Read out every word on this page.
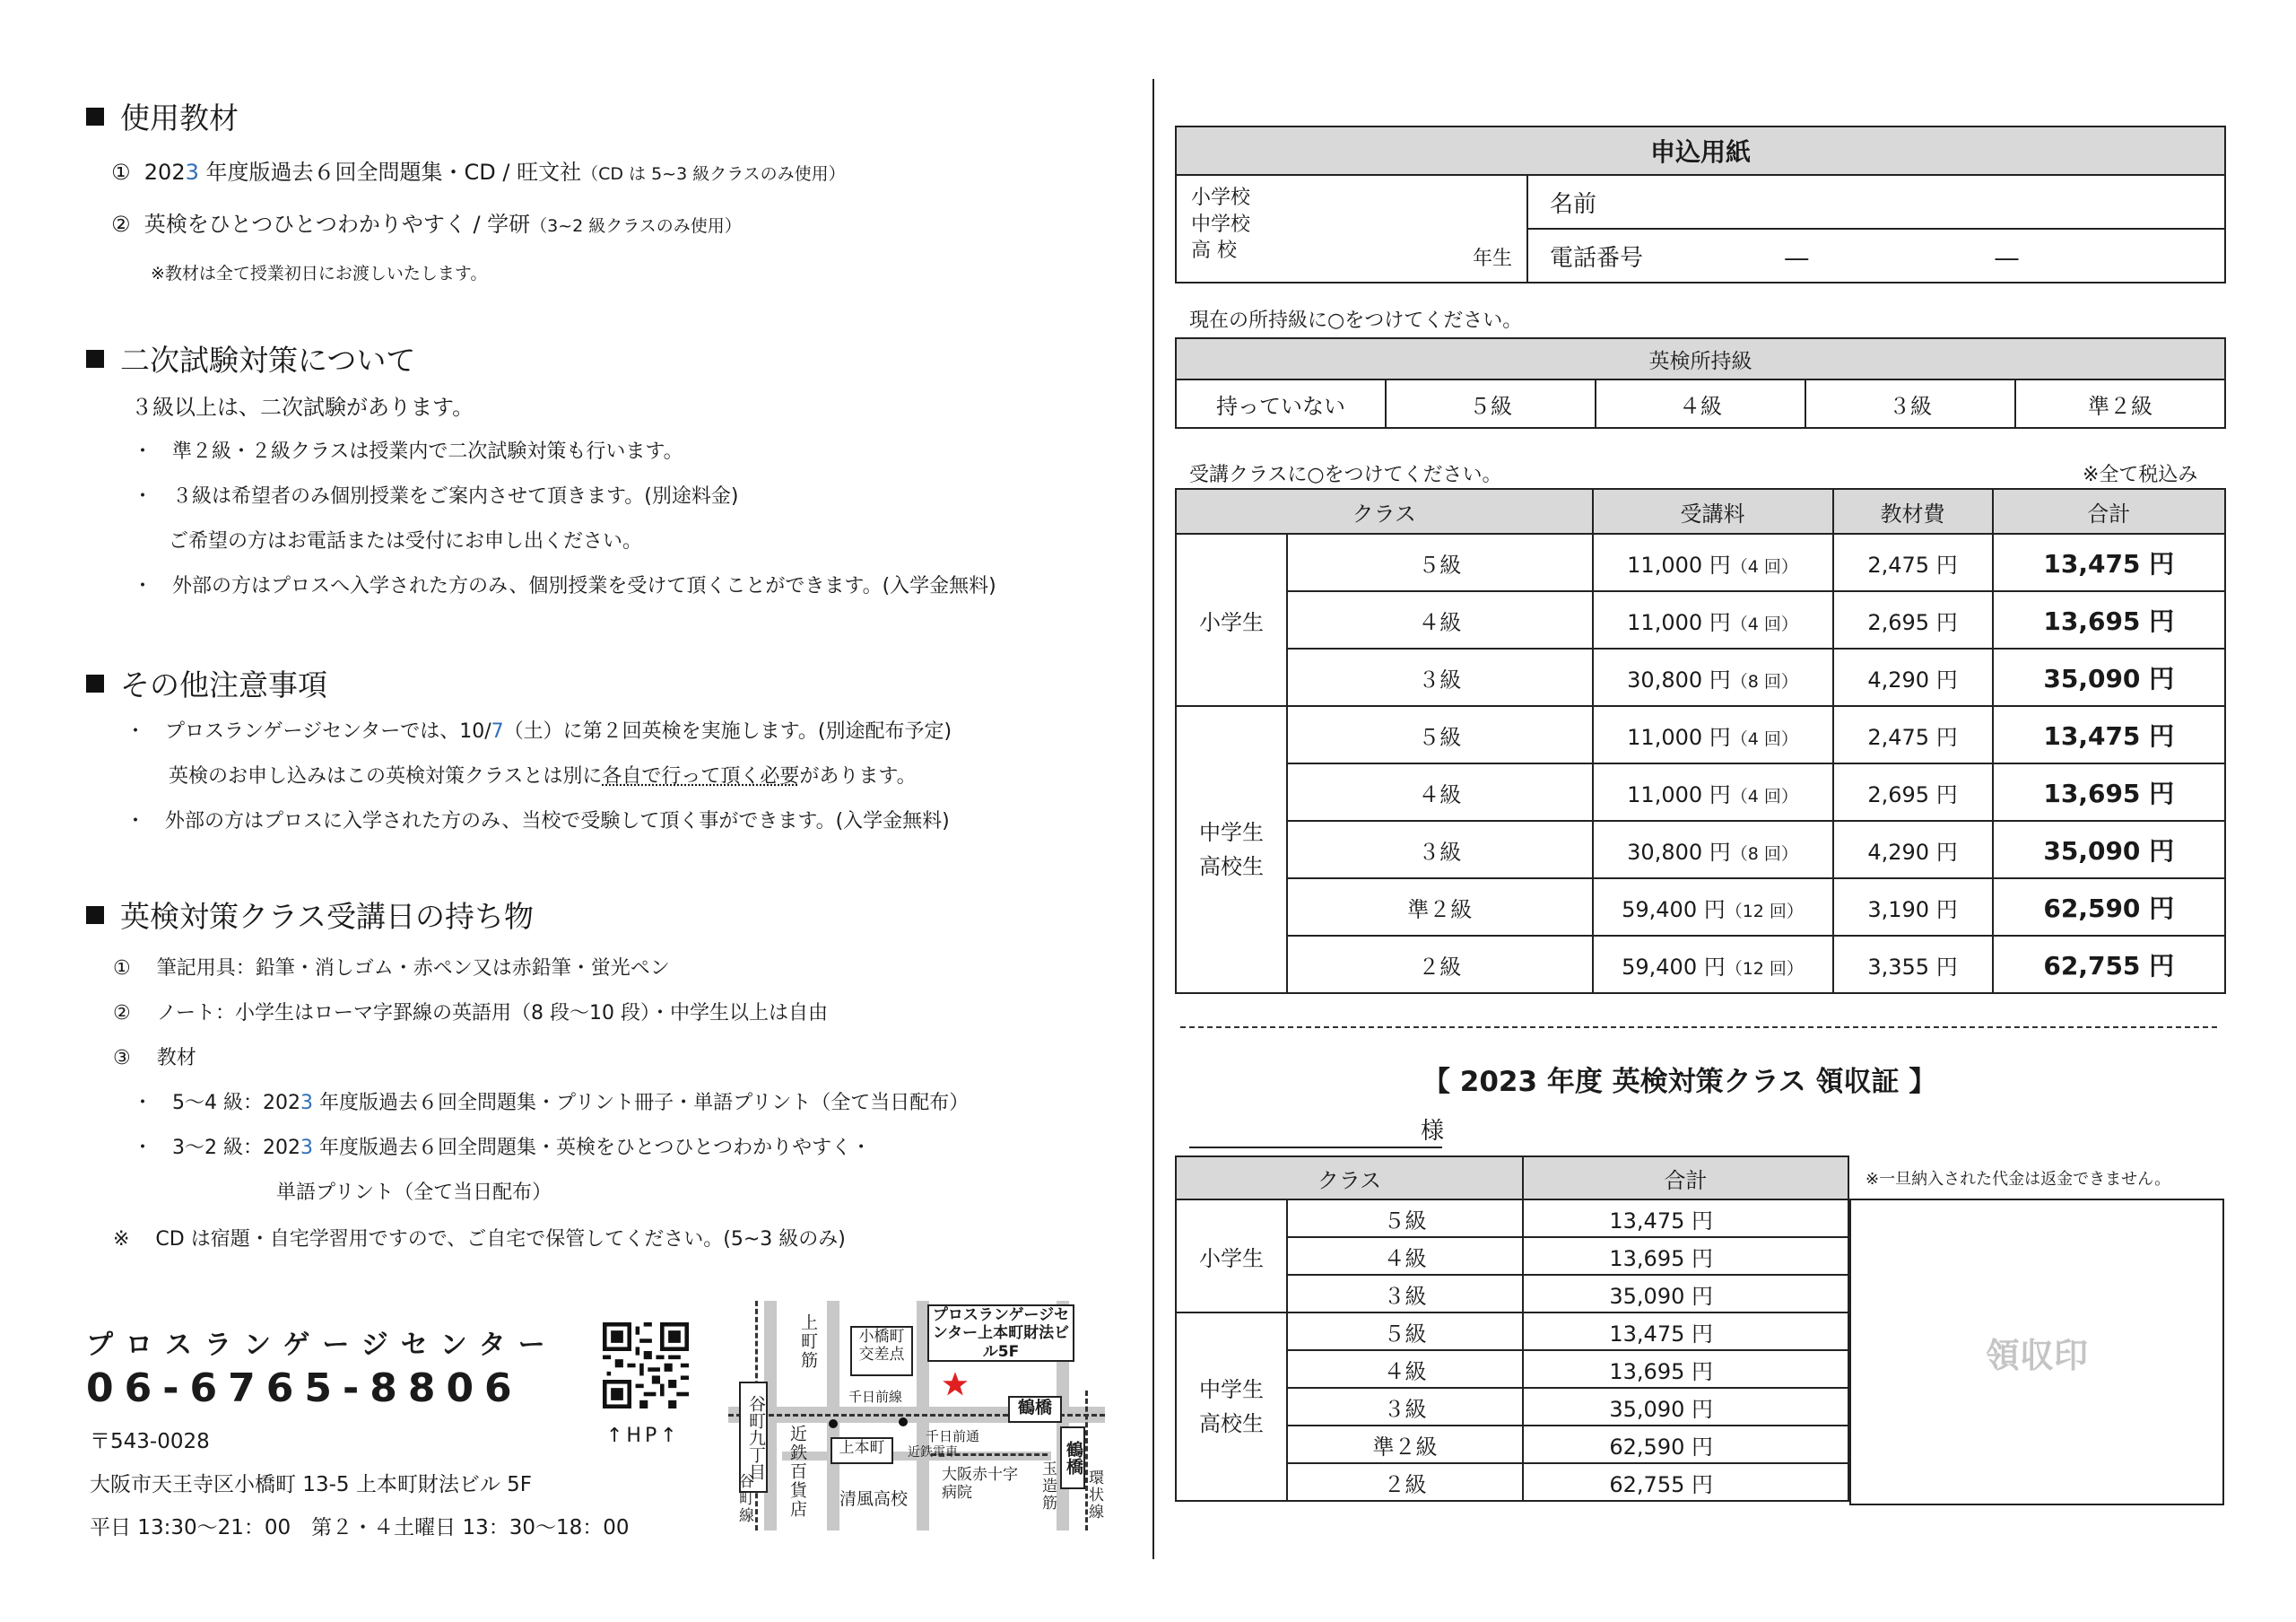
使用教材
① 2023 年度版過去６回全問題集・CD / 旺文社（CD は 5~3 級クラスのみ使用）
② 英検をひとつひとつわかりやすく / 学研（3~2 級クラスのみ使用）
※教材は全て授業初日にお渡しいたします。
二次試験対策について
３級以上は、二次試験があります。
・　準２級・２級クラスは授業内で二次試験対策も行います。
・　３級は希望者のみ個別授業をご案内させて頂きます。(別途料金)
ご希望の方はお電話または受付にお申し出ください。
・　外部の方はプロスへ入学された方のみ、個別授業を受けて頂くことができます。(入学金無料)
その他注意事項
・　プロスランゲージセンターでは、10/7（土）に第２回英検を実施します。(別途配布予定)
英検のお申し込みはこの英検対策クラスとは別に各自で行って頂く必要があります。
・　外部の方はプロスに入学された方のみ、当校で受験して頂く事ができます。(入学金無料)
英検対策クラス受講日の持ち物
①　 筆記用具：鉛筆・消しゴム・赤ペン又は赤鉛筆・蛍光ペン
②　 ノート：小学生はローマ字罫線の英語用（8 段〜10 段）・中学生以上は自由
③　 教材
・　5〜4 級：2023 年度版過去６回全問題集・プリント冊子・単語プリント（全て当日配布）
・　3〜2 級：2023 年度版過去６回全問題集・英検をひとつひとつわかりやすく・
単語プリント（全て当日配布）
※　 CD は宿題・自宅学習用ですので、ご自宅で保管してください。(5~3 級のみ)
プロスランゲージセンター
06-6765-8806
〒543-0028
大阪市天王寺区小橋町 13-5 上本町財法ビル 5F
平日 13:30〜21：00　第２・４土曜日 13：30〜18：00
↑HP↑
プロスランゲージセンター上本町財法ビル5F
小橋町交差点
上町筋
千日前線
千日前通
谷町九丁目
谷町線 近鉄百貨店	上本町	近鉄電車
清風高校
大阪赤十字病院
鶴橋
鶴橋
玉造筋 環状線
申込用紙

小学校
中学校
高 校	年生
	名前
電話番号	―	―
現在の所持級に○をつけてください。
英検所持級
持っていない	５級	４級	３級	準２級
受講クラスに○をつけてください。	※全て税込み
クラス		受講料	教材費	合計
小学生	５級	11,000 円（4 回）	2,475 円	13,475 円
	４級	11,000 円（4 回）	2,695 円	13,695 円
	３級	30,800 円（8 回）	4,290 円	35,090 円
中学生
高校生	５級	11,000 円（4 回）	2,475 円	13,475 円
	４級	11,000 円（4 回）	2,695 円	13,695 円
	３級	30,800 円（8 回）	4,290 円	35,090 円
	準２級	59,400 円（12 回）	3,190 円	62,590 円
	２級	59,400 円（12 回）	3,355 円	62,755 円
【 2023 年度 英検対策クラス 領収証 】
様
※一旦納入された代金は返金できません。
クラス		合計
小学生	５級	13,475 円
	４級	13,695 円
	３級	35,090 円
中学生
高校生	５級	13,475 円
	４級	13,695 円
	３級	35,090 円
	準２級	62,590 円
	２級	62,755 円
領収印
